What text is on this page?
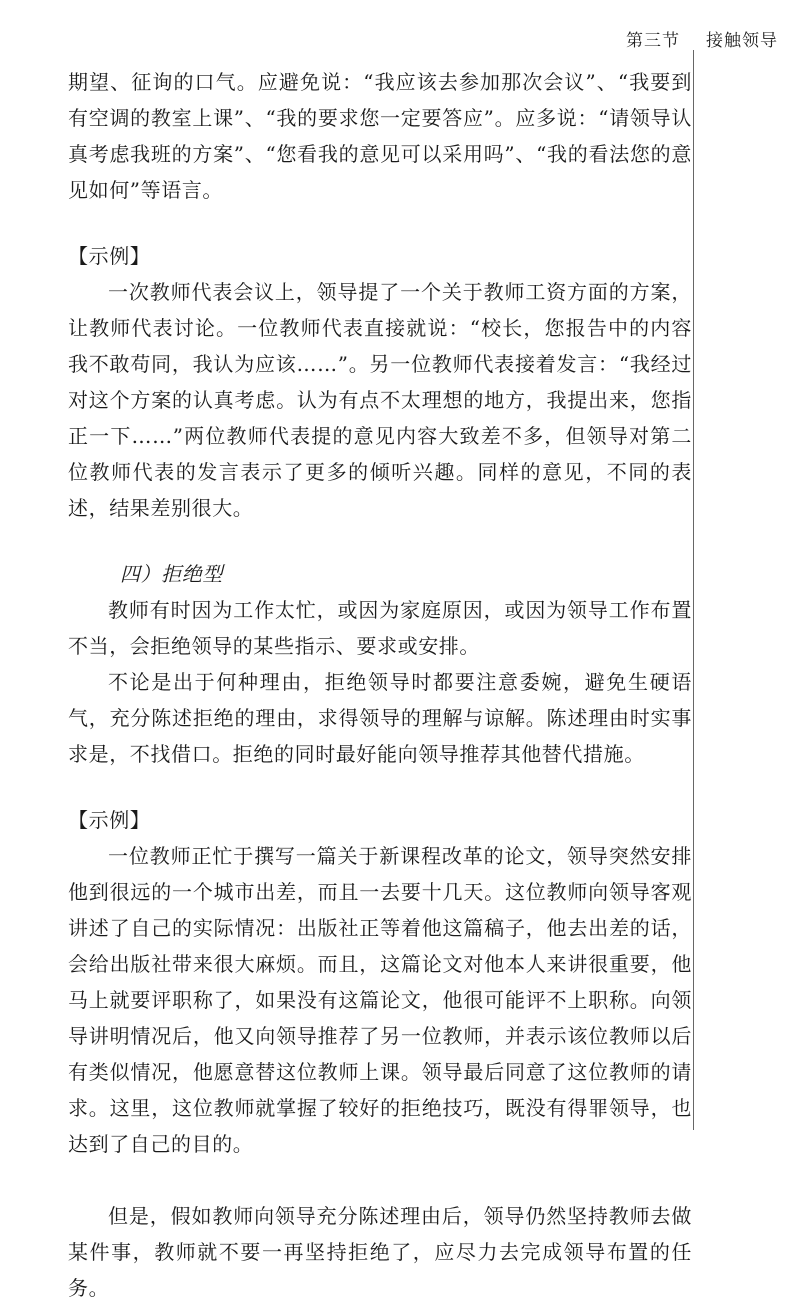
第三节 接触领导

期望、征询的口气。应避免说：“我应该去参加那次会议”、“我要到有空调的教室上课”、“我的要求您一定要答应”。应多说：“请领导认真考虑我班的方案”、“您看我的意见可以采用吗”、“我的看法您的意见如何”等语言。

【示例】

一次教师代表会议上，领导提了一个关于教师工资方面的方案，让教师代表讨论。一位教师代表直接就说：“校长，您报告中的内容我不敢苟同，我认为应该……”。另一位教师代表接着发言：“我经过对这个方案的认真考虑。认为有点不太理想的地方，我提出来，您指正一下……”两位教师代表提的意见内容大致差不多，但领导对第二位教师代表的发言表示了更多的倾听兴趣。同样的意见，不同的表述，结果差别很大。

四）拒绝型

教师有时因为工作太忙，或因为家庭原因，或因为领导工作布置不当，会拒绝领导的某些指示、要求或安排。

不论是出于何种理由，拒绝领导时都要注意委婉，避免生硬语气，充分陈述拒绝的理由，求得领导的理解与谅解。陈述理由时实事求是，不找借口。拒绝的同时最好能向领导推荐其他替代措施。

【示例】

一位教师正忙于撰写一篇关于新课程改革的论文，领导突然安排他到很远的一个城市出差，而且一去要十几天。这位教师向领导客观讲述了自己的实际情况：出版社正等着他这篇稿子，他去出差的话，会给出版社带来很大麻烦。而且，这篇论文对他本人来讲很重要，他马上就要评职称了，如果没有这篇论文，他很可能评不上职称。向领导讲明情况后，他又向领导推荐了另一位教师，并表示该位教师以后有类似情况，他愿意替这位教师上课。领导最后同意了这位教师的请求。这里，这位教师就掌握了较好的拒绝技巧，既没有得罪领导，也达到了自己的目的。

但是，假如教师向领导充分陈述理由后，领导仍然坚持教师去做某件事，教师就不要一再坚持拒绝了，应尽力去完成领导布置的任务。
